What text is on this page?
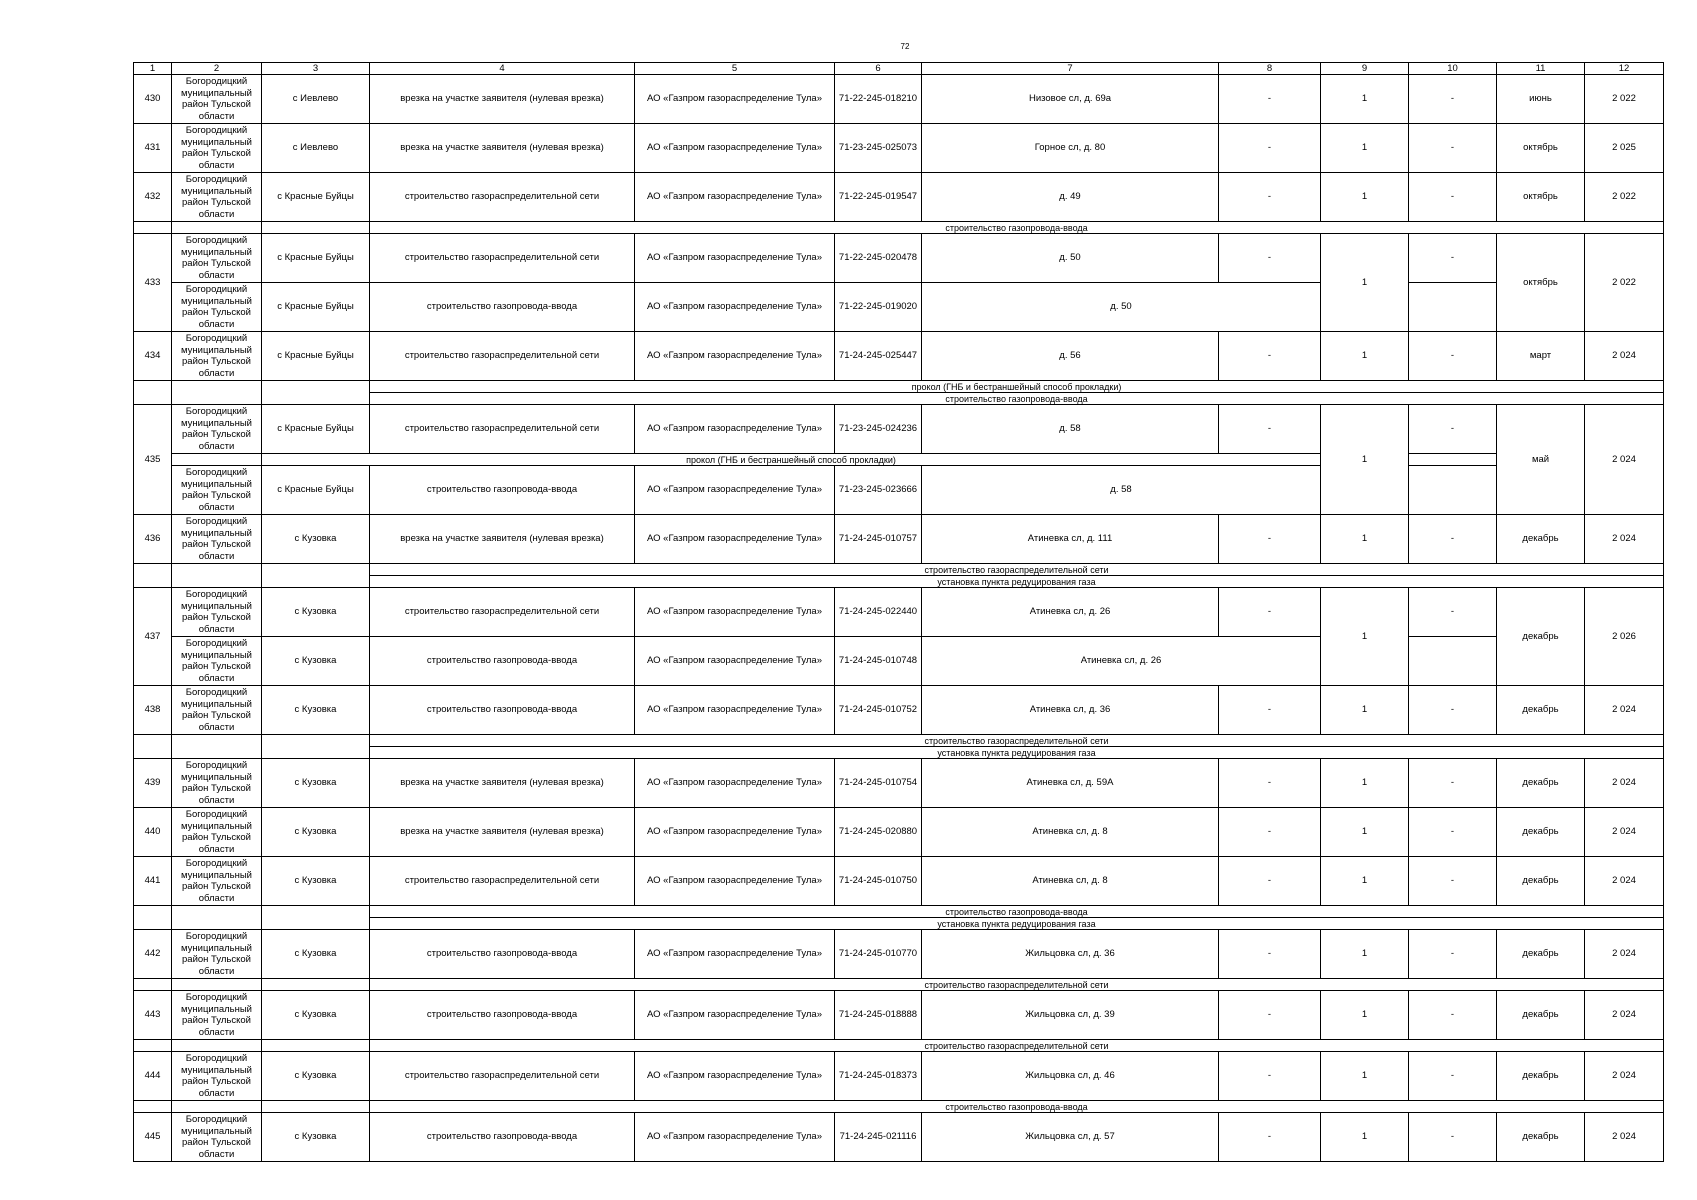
72
1	2	3	4	5	6	7	8	9	10	11	12
430	Богородицкий муниципальный район Тульской области	с Иевлево	врезка на участке заявителя (нулевая врезка)	АО «Газпром газораспределение Тула»	71-22-245-018210	Низовое сл, д. 69а	-	1	-	июнь	2 022
431	Богородицкий муниципальный район Тульской области	с Иевлево	врезка на участке заявителя (нулевая врезка)	АО «Газпром газораспределение Тула»	71-23-245-025073	Горное сл, д. 80	-	1	-	октябрь	2 025
432	Богородицкий муниципальный район Тульской области	с Красные Буйцы	строительство газораспределительной сети	АО «Газпром газораспределение Тула»	71-22-245-019547	д. 49	-	1	-	октябрь	2 022
			строительство газопровода-ввода								
433	Богородицкий муниципальный район Тульской области	с Красные Буйцы	строительство газораспределительной сети	АО «Газпром газораспределение Тула»	71-22-245-020478	д. 50	-	1	-	октябрь	2 022
	Богородицкий муниципальный район Тульской области	с Красные Буйцы	строительство газопровода-ввода	АО «Газпром газораспределение Тула»	71-22-245-019020	д. 50					
434	Богородицкий муниципальный район Тульской области	с Красные Буйцы	строительство газораспределительной сети	АО «Газпром газораспределение Тула»	71-24-245-025447	д. 56	-	1	-	март	2 024
			прокол (ГНБ и бестраншейный способ прокладки)								
			строительство газопровода-ввода								
435	Богородицкий муниципальный район Тульской области	с Красные Буйцы	строительство газораспределительной сети	АО «Газпром газораспределение Тула»	71-23-245-024236	д. 58	-	1	-	май	2 024
		прокол (ГНБ и бестраншейный способ прокладки)									
	Богородицкий муниципальный район Тульской области	с Красные Буйцы	строительство газопровода-ввода	АО «Газпром газораспределение Тула»	71-23-245-023666	д. 58					
436	Богородицкий муниципальный район Тульской области	с Кузовка	врезка на участке заявителя (нулевая врезка)	АО «Газпром газораспределение Тула»	71-24-245-010757	Атиневка сл, д. 111	-	1	-	декабрь	2 024
			строительство газораспределительной сети								
			установка пункта редуцирования газа								
437	Богородицкий муниципальный район Тульской области	с Кузовка	строительство газораспределительной сети	АО «Газпром газораспределение Тула»	71-24-245-022440	Атиневка сл, д. 26	-	1	-	декабрь	2 026
	Богородицкий муниципальный район Тульской области	с Кузовка	строительство газопровода-ввода	АО «Газпром газораспределение Тула»	71-24-245-010748	Атиневка сл, д. 26					
438	Богородицкий муниципальный район Тульской области	с Кузовка	строительство газопровода-ввода	АО «Газпром газораспределение Тула»	71-24-245-010752	Атиневка сл, д. 36	-	1	-	декабрь	2 024
			строительство газораспределительной сети								
			установка пункта редуцирования газа								
439	Богородицкий муниципальный район Тульской области	с Кузовка	врезка на участке заявителя (нулевая врезка)	АО «Газпром газораспределение Тула»	71-24-245-010754	Атиневка сл, д. 59А	-	1	-	декабрь	2 024
440	Богородицкий муниципальный район Тульской области	с Кузовка	врезка на участке заявителя (нулевая врезка)	АО «Газпром газораспределение Тула»	71-24-245-020880	Атиневка сл, д. 8	-	1	-	декабрь	2 024
441	Богородицкий муниципальный район Тульской области	с Кузовка	строительство газораспределительной сети	АО «Газпром газораспределение Тула»	71-24-245-010750	Атиневка сл, д. 8	-	1	-	декабрь	2 024
			строительство газопровода-ввода								
			установка пункта редуцирования газа								
442	Богородицкий муниципальный район Тульской области	с Кузовка	строительство газопровода-ввода	АО «Газпром газораспределение Тула»	71-24-245-010770	Жильцовка сл, д. 36	-	1	-	декабрь	2 024
			строительство газораспределительной сети								
443	Богородицкий муниципальный район Тульской области	с Кузовка	строительство газопровода-ввода	АО «Газпром газораспределение Тула»	71-24-245-018888	Жильцовка сл, д. 39	-	1	-	декабрь	2 024
			строительство газораспределительной сети								
444	Богородицкий муниципальный район Тульской области	с Кузовка	строительство газораспределительной сети	АО «Газпром газораспределение Тула»	71-24-245-018373	Жильцовка сл, д. 46	-	1	-	декабрь	2 024
			строительство газопровода-ввода								
445	Богородицкий муниципальный район Тульской области	с Кузовка	строительство газопровода-ввода	АО «Газпром газораспределение Тула»	71-24-245-021116	Жильцовка сл, д. 57	-	1	-	декабрь	2 024
